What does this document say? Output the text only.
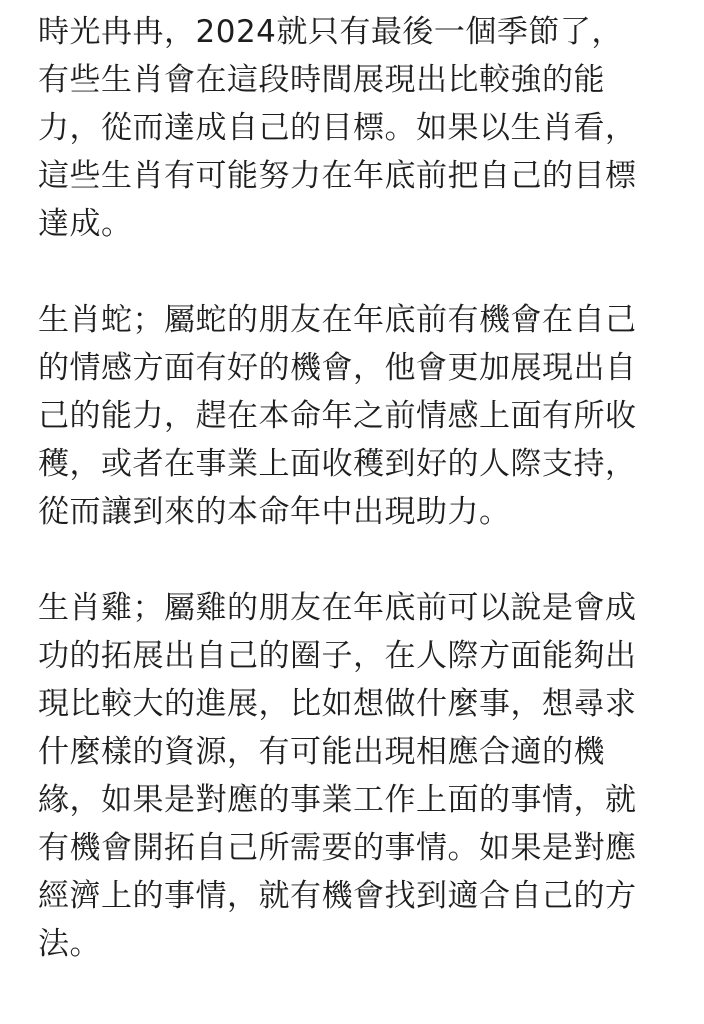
時光冉冉，2024就只有最後一個季節了，
有些生肖會在這段時間展現出比較強的能
力，從而達成自己的目標。如果以生肖看，
這些生肖有可能努力在年底前把自己的目標
達成。
生肖蛇；屬蛇的朋友在年底前有機會在自己
的情感方面有好的機會，他會更加展現出自
己的能力，趕在本命年之前情感上面有所收
穫，或者在事業上面收穫到好的人際支持，
從而讓到來的本命年中出現助力。
生肖雞；屬雞的朋友在年底前可以說是會成
功的拓展出自己的圈子，在人際方面能夠出
現比較大的進展，比如想做什麼事，想尋求
什麼樣的資源，有可能出現相應合適的機
緣，如果是對應的事業工作上面的事情，就
有機會開拓自己所需要的事情。如果是對應
經濟上的事情，就有機會找到適合自己的方
法。
